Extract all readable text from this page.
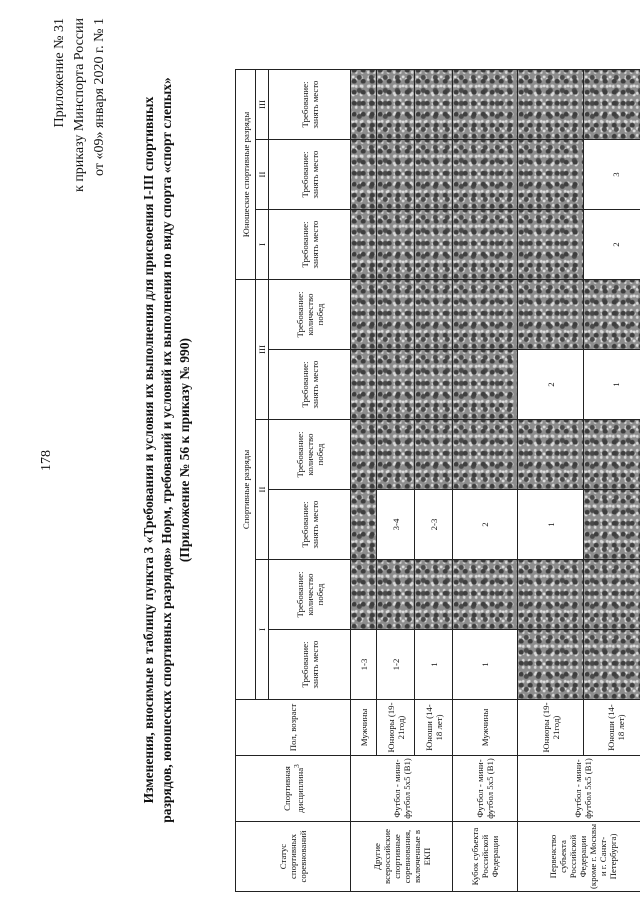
178
Приложение № 31 к приказу Минспорта России от «09» января 2020 г. № 1	Изменения, вносимые в таблицу пункта 3 «Требования и условия их выполнения для присвоения I-III спортивных разрядов, юношеских спортивных разрядов» Норм, требований и условий их выполнения по виду спорта «спорт слепых» (Приложение № 56 к приказу № 990)
Статус спортивных соревнований	Спортивная дисциплина$^3$	Пол, возраст	Спортивные разряды						Юношеские спортивные разряды		
			I		II		III		I	II	III
			Требование: занять место	Требование: количество побед	Требование: занять место	Требование: количество побед	Требование: занять место	Требование: количество побед	Требование: занять место	Требование: занять место	Требование: занять место
Другие всероссийские спортивные соревнования, включенные в ЕКП	Футбол - мини-футбол 5x5 (B1)	Мужчины	1-3								
		Юниоры (19-21год)	1-2		3-4						
		Юноши (14-18 лет)	1		2-3						
Кубок субъекта Российской Федерации	Футбол - мини-футбол 5x5 (B1)	Мужчины	1		2						
Первенство субъекта Российской Федерации (кроме г. Москвы и г. Санкт-Петербурга)	Футбол - мини-футбол 5x5 (B1)	Юниоры (19-21год)			1		2				
		Юноши (14-18 лет)					1		2	3	
